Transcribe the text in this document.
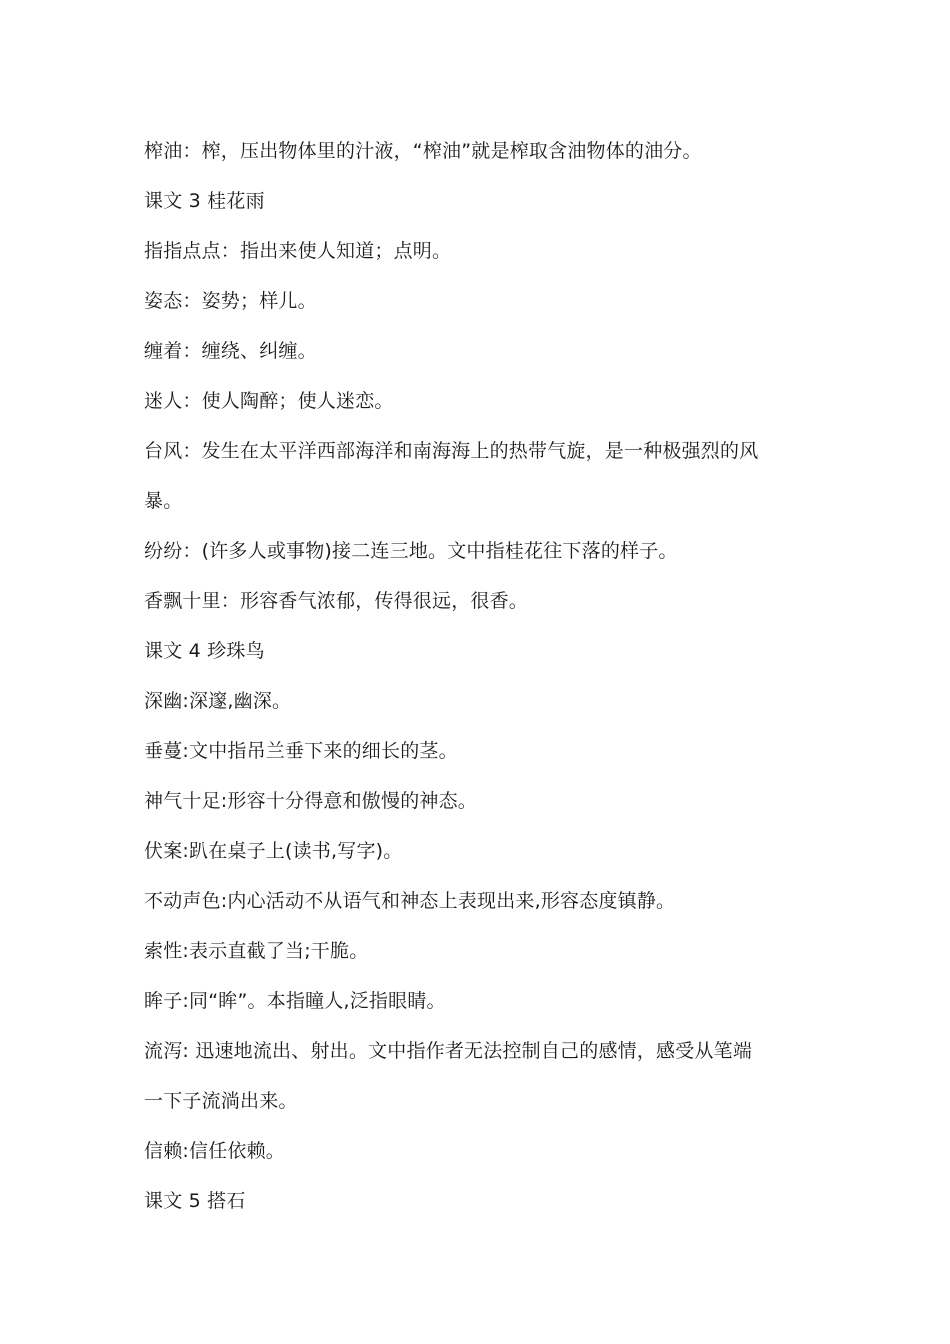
榨油：榨，压出物体里的汁液，“榨油”就是榨取含油物体的油分。
课文 3 桂花雨
指指点点：指出来使人知道；点明。
姿态：姿势；样儿。
缠着：缠绕、纠缠。
迷人：使人陶醉；使人迷恋。
台风：发生在太平洋西部海洋和南海海上的热带气旋，是一种极强烈的风
暴。
纷纷：(许多人或事物)接二连三地。文中指桂花往下落的样子。
香飘十里：形容香气浓郁，传得很远，很香。
课文 4 珍珠鸟
深幽:深邃,幽深。
垂蔓:文中指吊兰垂下来的细长的茎。
神气十足:形容十分得意和傲慢的神态。
伏案:趴在桌子上(读书,写字)。
不动声色:内心活动不从语气和神态上表现出来,形容态度镇静。
索性:表示直截了当;干脆。
眸子:同“眸”。本指瞳人,泛指眼睛。
流泻: 迅速地流出、射出。文中指作者无法控制自己的感情，感受从笔端
一下子流淌出来。
信赖:信任依赖。
课文 5 搭石
